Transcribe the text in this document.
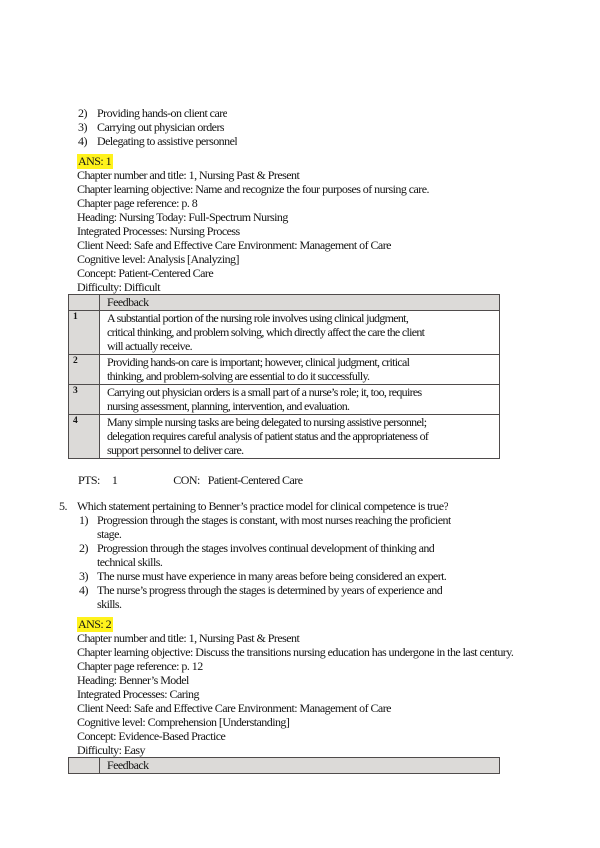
2) Providing hands-on client care
3) Carrying out physician orders
4) Delegating to assistive personnel
ANS: 1
Chapter number and title: 1, Nursing Past & Present
Chapter learning objective: Name and recognize the four purposes of nursing care.
Chapter page reference: p. 8
Heading: Nursing Today: Full-Spectrum Nursing
Integrated Processes: Nursing Process
Client Need: Safe and Effective Care Environment: Management of Care
Cognitive level: Analysis [Analyzing]
Concept: Patient-Centered Care
Difficulty: Difficult
	Feedback
1	A substantial portion of the nursing role involves using clinical judgment,
critical thinking, and problem solving, which directly affect the care the client
will actually receive.

2	Providing hands-on care is important; however, clinical judgment, critical
thinking, and problem-solving are essential to do it successfully.

3	Carrying out physician orders is a small part of a nurse’s role; it, too, requires
nursing assessment, planning, intervention, and evaluation.

4	Many simple nursing tasks are being delegated to nursing assistive personnel;
delegation requires careful analysis of patient status and the appropriateness of
support personnel to deliver care.
PTS: 1	CON: Patient-Centered Care
5. Which statement pertaining to Benner’s practice model for clinical competence is true?
1) Progression through the stages is constant, with most nurses reaching the proficient
stage.
2) Progression through the stages involves continual development of thinking and
technical skills.
3) The nurse must have experience in many areas before being considered an expert.
4) The nurse’s progress through the stages is determined by years of experience and
skills.
ANS: 2
Chapter number and title: 1, Nursing Past & Present
Chapter learning objective: Discuss the transitions nursing education has undergone in the last century.
Chapter page reference: p. 12
Heading: Benner’s Model
Integrated Processes: Caring
Client Need: Safe and Effective Care Environment: Management of Care
Cognitive level: Comprehension [Understanding]
Concept: Evidence-Based Practice
Difficulty: Easy
	Feedback
